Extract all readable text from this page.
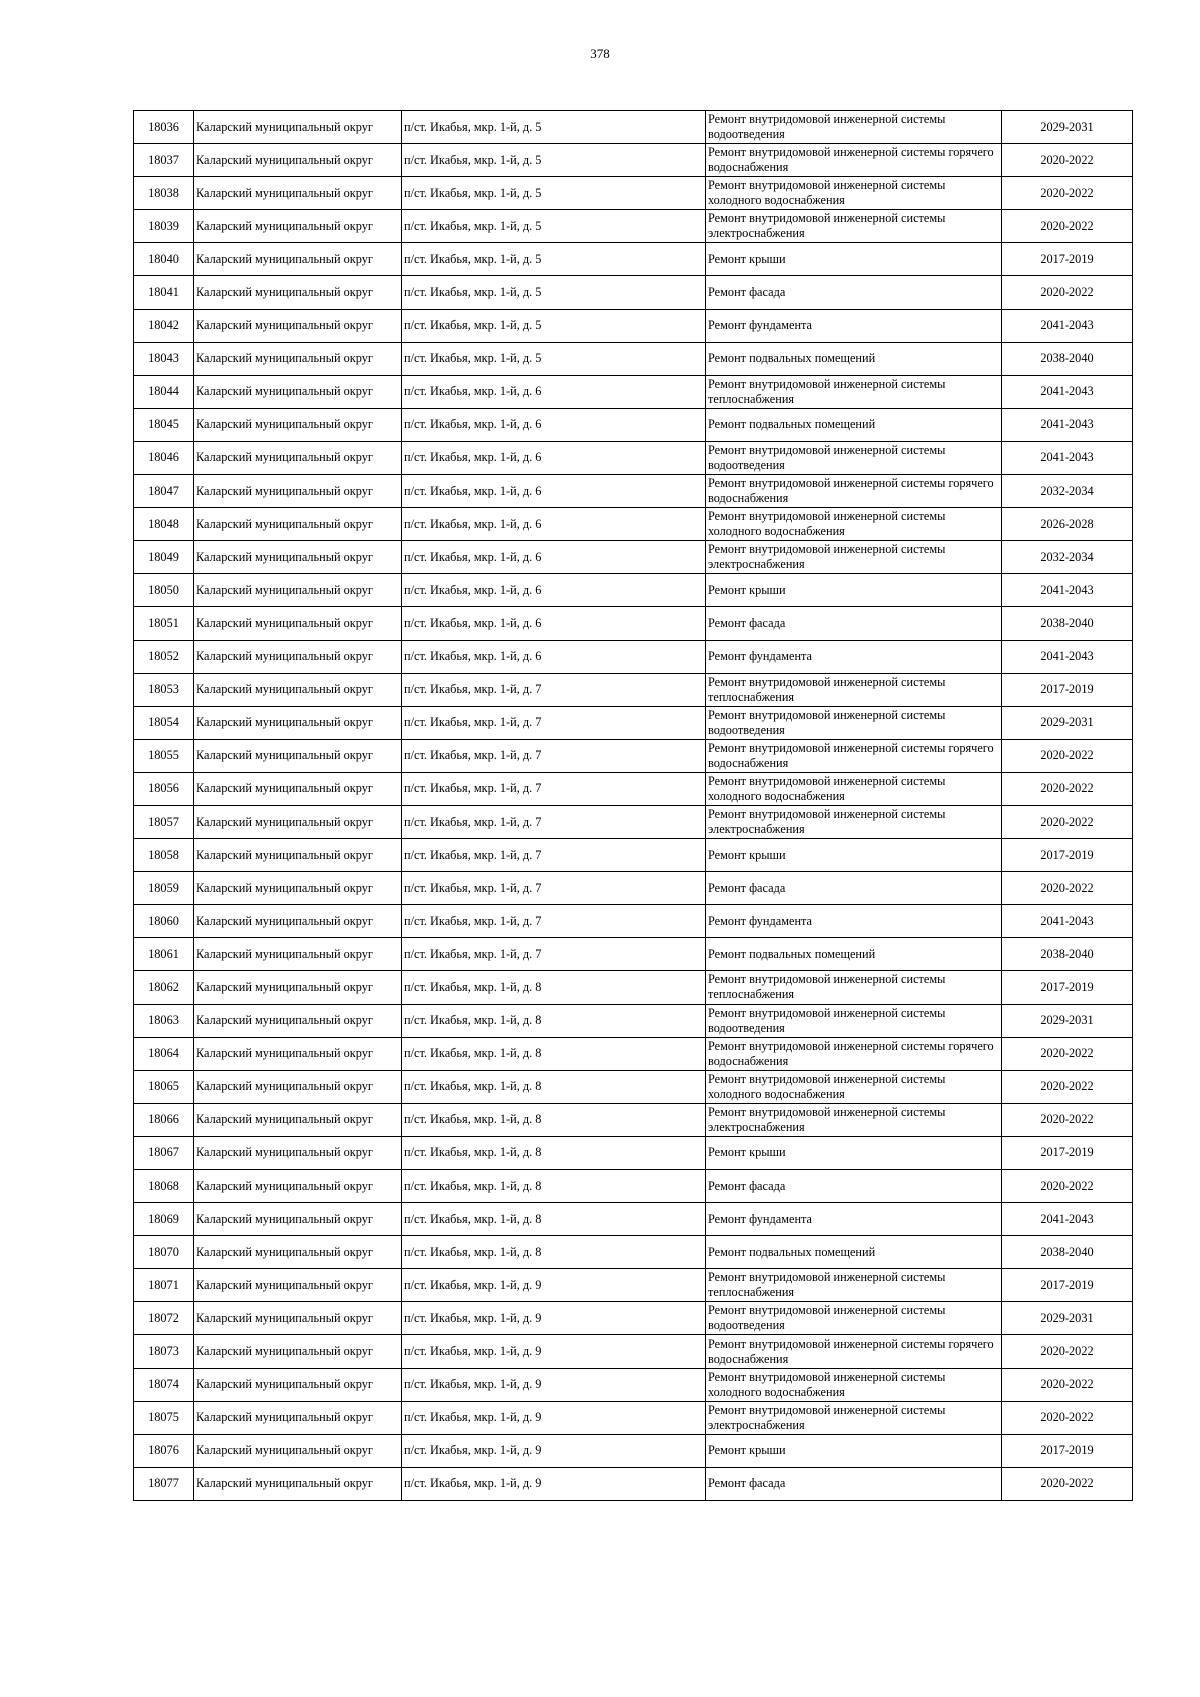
378
18036	Каларский муниципальный округ	п/ст. Икабья, мкр. 1-й, д. 5	Ремонт внутридомовой инженерной системы водоотведения	2029-2031
18037	Каларский муниципальный округ	п/ст. Икабья, мкр. 1-й, д. 5	Ремонт внутридомовой инженерной системы горячего водоснабжения	2020-2022
18038	Каларский муниципальный округ	п/ст. Икабья, мкр. 1-й, д. 5	Ремонт внутридомовой инженерной системы холодного водоснабжения	2020-2022
18039	Каларский муниципальный округ	п/ст. Икабья, мкр. 1-й, д. 5	Ремонт внутридомовой инженерной системы электроснабжения	2020-2022
18040	Каларский муниципальный округ	п/ст. Икабья, мкр. 1-й, д. 5	Ремонт крыши	2017-2019
18041	Каларский муниципальный округ	п/ст. Икабья, мкр. 1-й, д. 5	Ремонт фасада	2020-2022
18042	Каларский муниципальный округ	п/ст. Икабья, мкр. 1-й, д. 5	Ремонт фундамента	2041-2043
18043	Каларский муниципальный округ	п/ст. Икабья, мкр. 1-й, д. 5	Ремонт подвальных помещений	2038-2040
18044	Каларский муниципальный округ	п/ст. Икабья, мкр. 1-й, д. 6	Ремонт внутридомовой инженерной системы теплоснабжения	2041-2043
18045	Каларский муниципальный округ	п/ст. Икабья, мкр. 1-й, д. 6	Ремонт подвальных помещений	2041-2043
18046	Каларский муниципальный округ	п/ст. Икабья, мкр. 1-й, д. 6	Ремонт внутридомовой инженерной системы водоотведения	2041-2043
18047	Каларский муниципальный округ	п/ст. Икабья, мкр. 1-й, д. 6	Ремонт внутридомовой инженерной системы горячего водоснабжения	2032-2034
18048	Каларский муниципальный округ	п/ст. Икабья, мкр. 1-й, д. 6	Ремонт внутридомовой инженерной системы холодного водоснабжения	2026-2028
18049	Каларский муниципальный округ	п/ст. Икабья, мкр. 1-й, д. 6	Ремонт внутридомовой инженерной системы электроснабжения	2032-2034
18050	Каларский муниципальный округ	п/ст. Икабья, мкр. 1-й, д. 6	Ремонт крыши	2041-2043
18051	Каларский муниципальный округ	п/ст. Икабья, мкр. 1-й, д. 6	Ремонт фасада	2038-2040
18052	Каларский муниципальный округ	п/ст. Икабья, мкр. 1-й, д. 6	Ремонт фундамента	2041-2043
18053	Каларский муниципальный округ	п/ст. Икабья, мкр. 1-й, д. 7	Ремонт внутридомовой инженерной системы теплоснабжения	2017-2019
18054	Каларский муниципальный округ	п/ст. Икабья, мкр. 1-й, д. 7	Ремонт внутридомовой инженерной системы водоотведения	2029-2031
18055	Каларский муниципальный округ	п/ст. Икабья, мкр. 1-й, д. 7	Ремонт внутридомовой инженерной системы горячего водоснабжения	2020-2022
18056	Каларский муниципальный округ	п/ст. Икабья, мкр. 1-й, д. 7	Ремонт внутридомовой инженерной системы холодного водоснабжения	2020-2022
18057	Каларский муниципальный округ	п/ст. Икабья, мкр. 1-й, д. 7	Ремонт внутридомовой инженерной системы электроснабжения	2020-2022
18058	Каларский муниципальный округ	п/ст. Икабья, мкр. 1-й, д. 7	Ремонт крыши	2017-2019
18059	Каларский муниципальный округ	п/ст. Икабья, мкр. 1-й, д. 7	Ремонт фасада	2020-2022
18060	Каларский муниципальный округ	п/ст. Икабья, мкр. 1-й, д. 7	Ремонт фундамента	2041-2043
18061	Каларский муниципальный округ	п/ст. Икабья, мкр. 1-й, д. 7	Ремонт подвальных помещений	2038-2040
18062	Каларский муниципальный округ	п/ст. Икабья, мкр. 1-й, д. 8	Ремонт внутридомовой инженерной системы теплоснабжения	2017-2019
18063	Каларский муниципальный округ	п/ст. Икабья, мкр. 1-й, д. 8	Ремонт внутридомовой инженерной системы водоотведения	2029-2031
18064	Каларский муниципальный округ	п/ст. Икабья, мкр. 1-й, д. 8	Ремонт внутридомовой инженерной системы горячего водоснабжения	2020-2022
18065	Каларский муниципальный округ	п/ст. Икабья, мкр. 1-й, д. 8	Ремонт внутридомовой инженерной системы холодного водоснабжения	2020-2022
18066	Каларский муниципальный округ	п/ст. Икабья, мкр. 1-й, д. 8	Ремонт внутридомовой инженерной системы электроснабжения	2020-2022
18067	Каларский муниципальный округ	п/ст. Икабья, мкр. 1-й, д. 8	Ремонт крыши	2017-2019
18068	Каларский муниципальный округ	п/ст. Икабья, мкр. 1-й, д. 8	Ремонт фасада	2020-2022
18069	Каларский муниципальный округ	п/ст. Икабья, мкр. 1-й, д. 8	Ремонт фундамента	2041-2043
18070	Каларский муниципальный округ	п/ст. Икабья, мкр. 1-й, д. 8	Ремонт подвальных помещений	2038-2040
18071	Каларский муниципальный округ	п/ст. Икабья, мкр. 1-й, д. 9	Ремонт внутридомовой инженерной системы теплоснабжения	2017-2019
18072	Каларский муниципальный округ	п/ст. Икабья, мкр. 1-й, д. 9	Ремонт внутридомовой инженерной системы водоотведения	2029-2031
18073	Каларский муниципальный округ	п/ст. Икабья, мкр. 1-й, д. 9	Ремонт внутридомовой инженерной системы горячего водоснабжения	2020-2022
18074	Каларский муниципальный округ	п/ст. Икабья, мкр. 1-й, д. 9	Ремонт внутридомовой инженерной системы холодного водоснабжения	2020-2022
18075	Каларский муниципальный округ	п/ст. Икабья, мкр. 1-й, д. 9	Ремонт внутридомовой инженерной системы электроснабжения	2020-2022
18076	Каларский муниципальный округ	п/ст. Икабья, мкр. 1-й, д. 9	Ремонт крыши	2017-2019
18077	Каларский муниципальный округ	п/ст. Икабья, мкр. 1-й, д. 9	Ремонт фасада	2020-2022
